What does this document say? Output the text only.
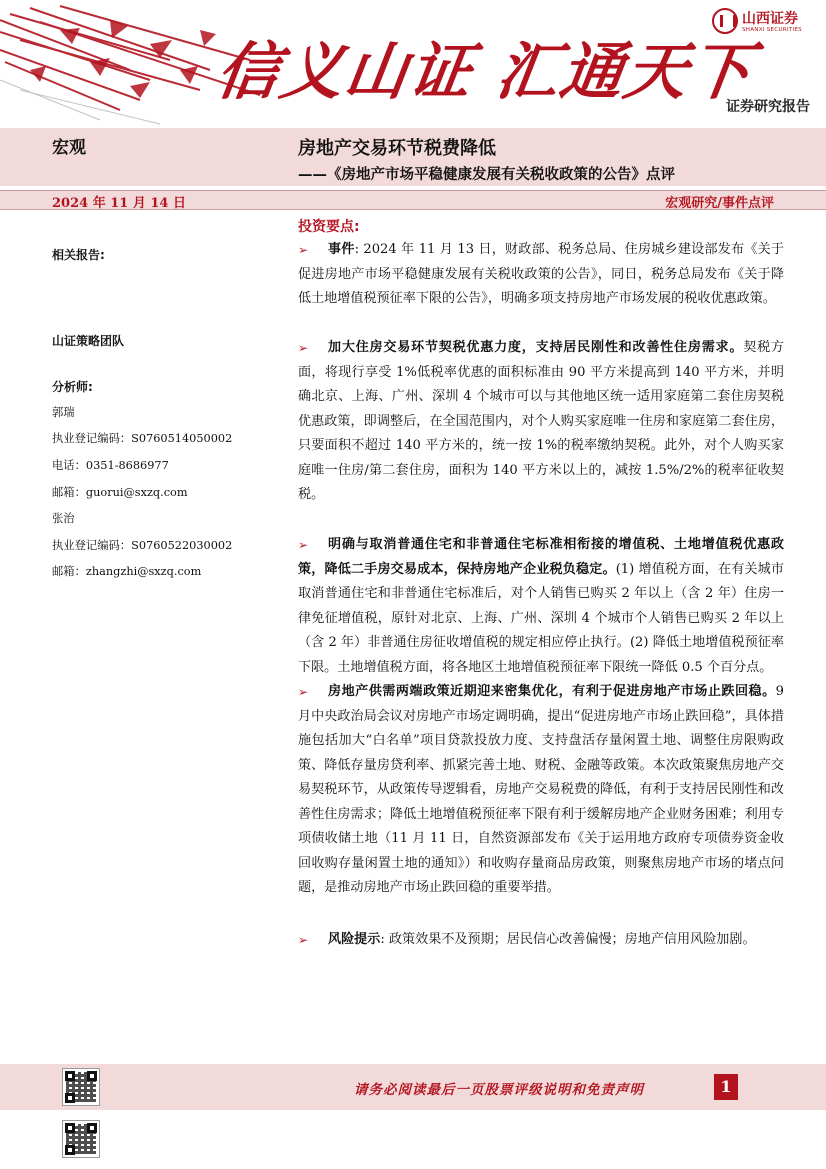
信义山证 汇通天下
山西证券
SHANXI SECURITIES
证券研究报告
宏观	房地产交易环节税费降低
——《房地产市场平稳健康发展有关税收政策的公告》点评
2024 年 11 月 14 日	宏观研究/事件点评
相关报告:
山证策略团队
分析师:
郭瑞
执业登记编码：S0760514050002
电话：0351-8686977
邮箱：guorui@sxzq.com
张治
执业登记编码：S0760522030002
邮箱：zhangzhi@sxzq.com
投资要点:
➢	事件: 2024 年 11 月 13 日，财政部、税务总局、住房城乡建设部发布《关于促进房地产市场平稳健康发展有关税收政策的公告》，同日，税务总局发布《关于降低土地增值税预征率下限的公告》，明确多项支持房地产市场发展的税收优惠政策。
➢	加大住房交易环节契税优惠力度，支持居民刚性和改善性住房需求。契税方面，将现行享受 1%低税率优惠的面积标准由 90 平方米提高到 140 平方米，并明确北京、上海、广州、深圳 4 个城市可以与其他地区统一适用家庭第二套住房契税优惠政策，即调整后，在全国范围内，对个人购买家庭唯一住房和家庭第二套住房，只要面积不超过 140 平方米的，统一按 1%的税率缴纳契税。此外，对个人购买家庭唯一住房/第二套住房，面积为 140 平方米以上的，减按 1.5%/2%的税率征收契税。
➢	明确与取消普通住宅和非普通住宅标准相衔接的增值税、土地增值税优惠政策，降低二手房交易成本，保持房地产企业税负稳定。(1) 增值税方面，在有关城市取消普通住宅和非普通住宅标准后，对个人销售已购买 2 年以上（含 2 年）住房一律免征增值税，原针对北京、上海、广州、深圳 4 个城市个人销售已购买 2 年以上（含 2 年）非普通住房征收增值税的规定相应停止执行。(2) 降低土地增值税预征率下限。土地增值税方面，将各地区土地增值税预征率下限统一降低 0.5 个百分点。
➢	房地产供需两端政策近期迎来密集优化，有利于促进房地产市场止跌回稳。9 月中央政治局会议对房地产市场定调明确，提出“促进房地产市场止跌回稳”，具体措施包括加大“白名单”项目贷款投放力度、支持盘活存量闲置土地、调整住房限购政策、降低存量房贷利率、抓紧完善土地、财税、金融等政策。本次政策聚焦房地产交易契税环节，从政策传导逻辑看，房地产交易税费的降低，有利于支持居民刚性和改善性住房需求；降低土地增值税预征率下限有利于缓解房地产企业财务困难；利用专项债收储土地（11 月 11 日，自然资源部发布《关于运用地方政府专项债券资金收回收购存量闲置土地的通知》）和收购存量商品房政策，则聚焦房地产市场的堵点问题，是推动房地产市场止跌回稳的重要举措。
➢	风险提示: 政策效果不及预期；居民信心改善偏慢；房地产信用风险加剧。
请务必阅读最后一页股票评级说明和免责声明	1
